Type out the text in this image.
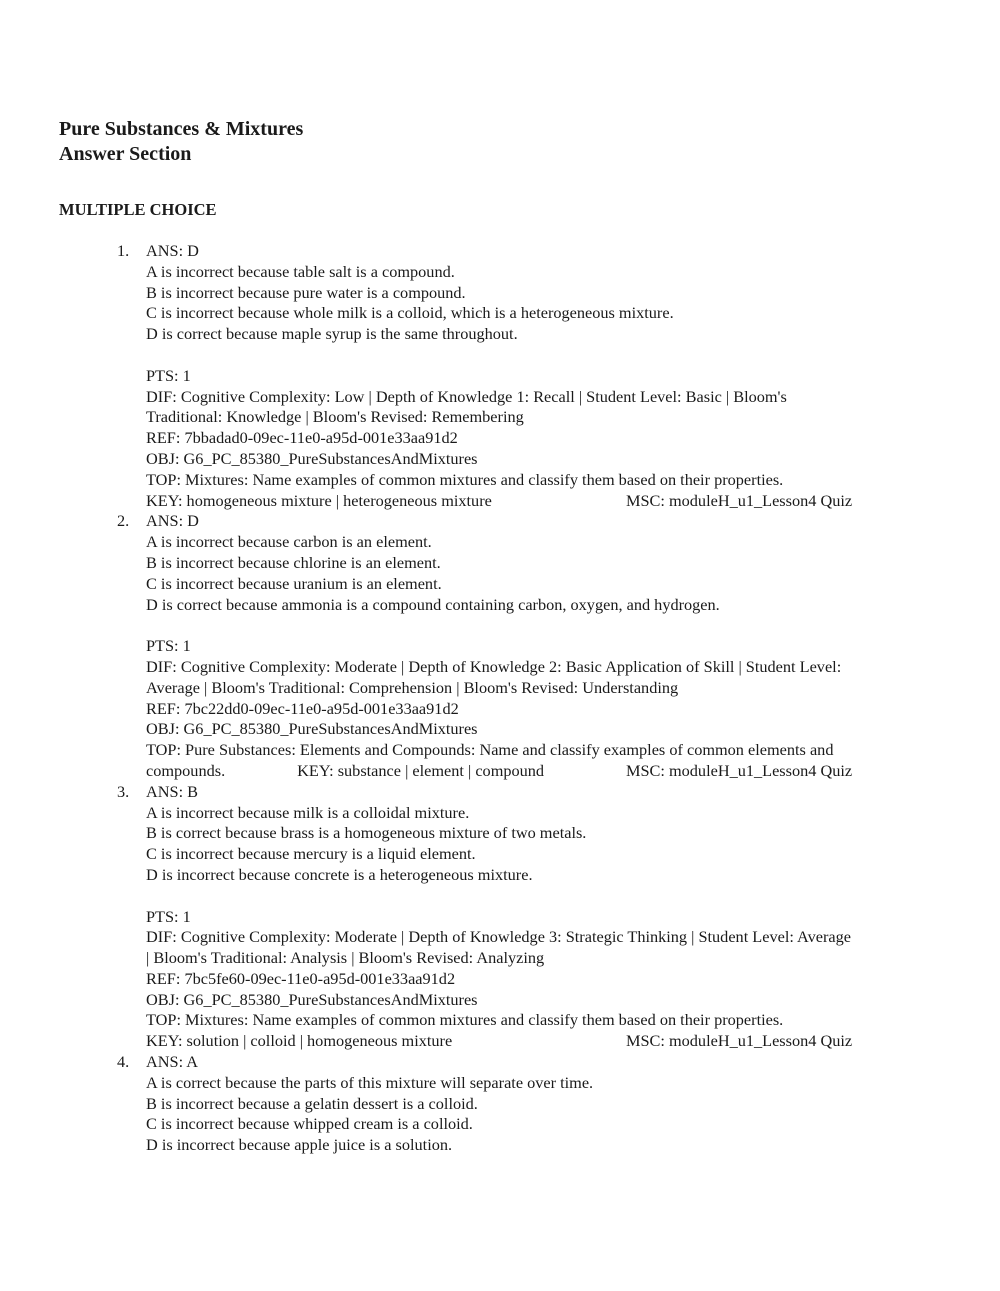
Pure Substances & Mixtures
Answer Section
MULTIPLE CHOICE
1. ANS: D
A is incorrect because table salt is a compound.
B is incorrect because pure water is a compound.
C is incorrect because whole milk is a colloid, which is a heterogeneous mixture.
D is correct because maple syrup is the same throughout.
PTS: 1
DIF: Cognitive Complexity: Low | Depth of Knowledge 1: Recall | Student Level: Basic | Bloom's
Traditional: Knowledge | Bloom's Revised: Remembering
REF: 7bbadad0-09ec-11e0-a95d-001e33aa91d2
OBJ: G6_PC_85380_PureSubstancesAndMixtures
TOP: Mixtures: Name examples of common mixtures and classify them based on their properties.
KEY: homogeneous mixture | heterogeneous mixture	MSC: moduleH_u1_Lesson4 Quiz
2. ANS: D
A is incorrect because carbon is an element.
B is incorrect because chlorine is an element.
C is incorrect because uranium is an element.
D is correct because ammonia is a compound containing carbon, oxygen, and hydrogen.
PTS: 1
DIF: Cognitive Complexity: Moderate | Depth of Knowledge 2: Basic Application of Skill | Student Level:
Average | Bloom's Traditional: Comprehension | Bloom's Revised: Understanding
REF: 7bc22dd0-09ec-11e0-a95d-001e33aa91d2
OBJ: G6_PC_85380_PureSubstancesAndMixtures
TOP: Pure Substances: Elements and Compounds: Name and classify examples of common elements and
compounds.	KEY: substance | element | compound	MSC: moduleH_u1_Lesson4 Quiz
3. ANS: B
A is incorrect because milk is a colloidal mixture.
B is correct because brass is a homogeneous mixture of two metals.
C is incorrect because mercury is a liquid element.
D is incorrect because concrete is a heterogeneous mixture.
PTS: 1
DIF: Cognitive Complexity: Moderate | Depth of Knowledge 3: Strategic Thinking | Student Level: Average
| Bloom's Traditional: Analysis | Bloom's Revised: Analyzing
REF: 7bc5fe60-09ec-11e0-a95d-001e33aa91d2
OBJ: G6_PC_85380_PureSubstancesAndMixtures
TOP: Mixtures: Name examples of common mixtures and classify them based on their properties.
KEY: solution | colloid | homogeneous mixture	MSC: moduleH_u1_Lesson4 Quiz
4. ANS: A
A is correct because the parts of this mixture will separate over time.
B is incorrect because a gelatin dessert is a colloid.
C is incorrect because whipped cream is a colloid.
D is incorrect because apple juice is a solution.
